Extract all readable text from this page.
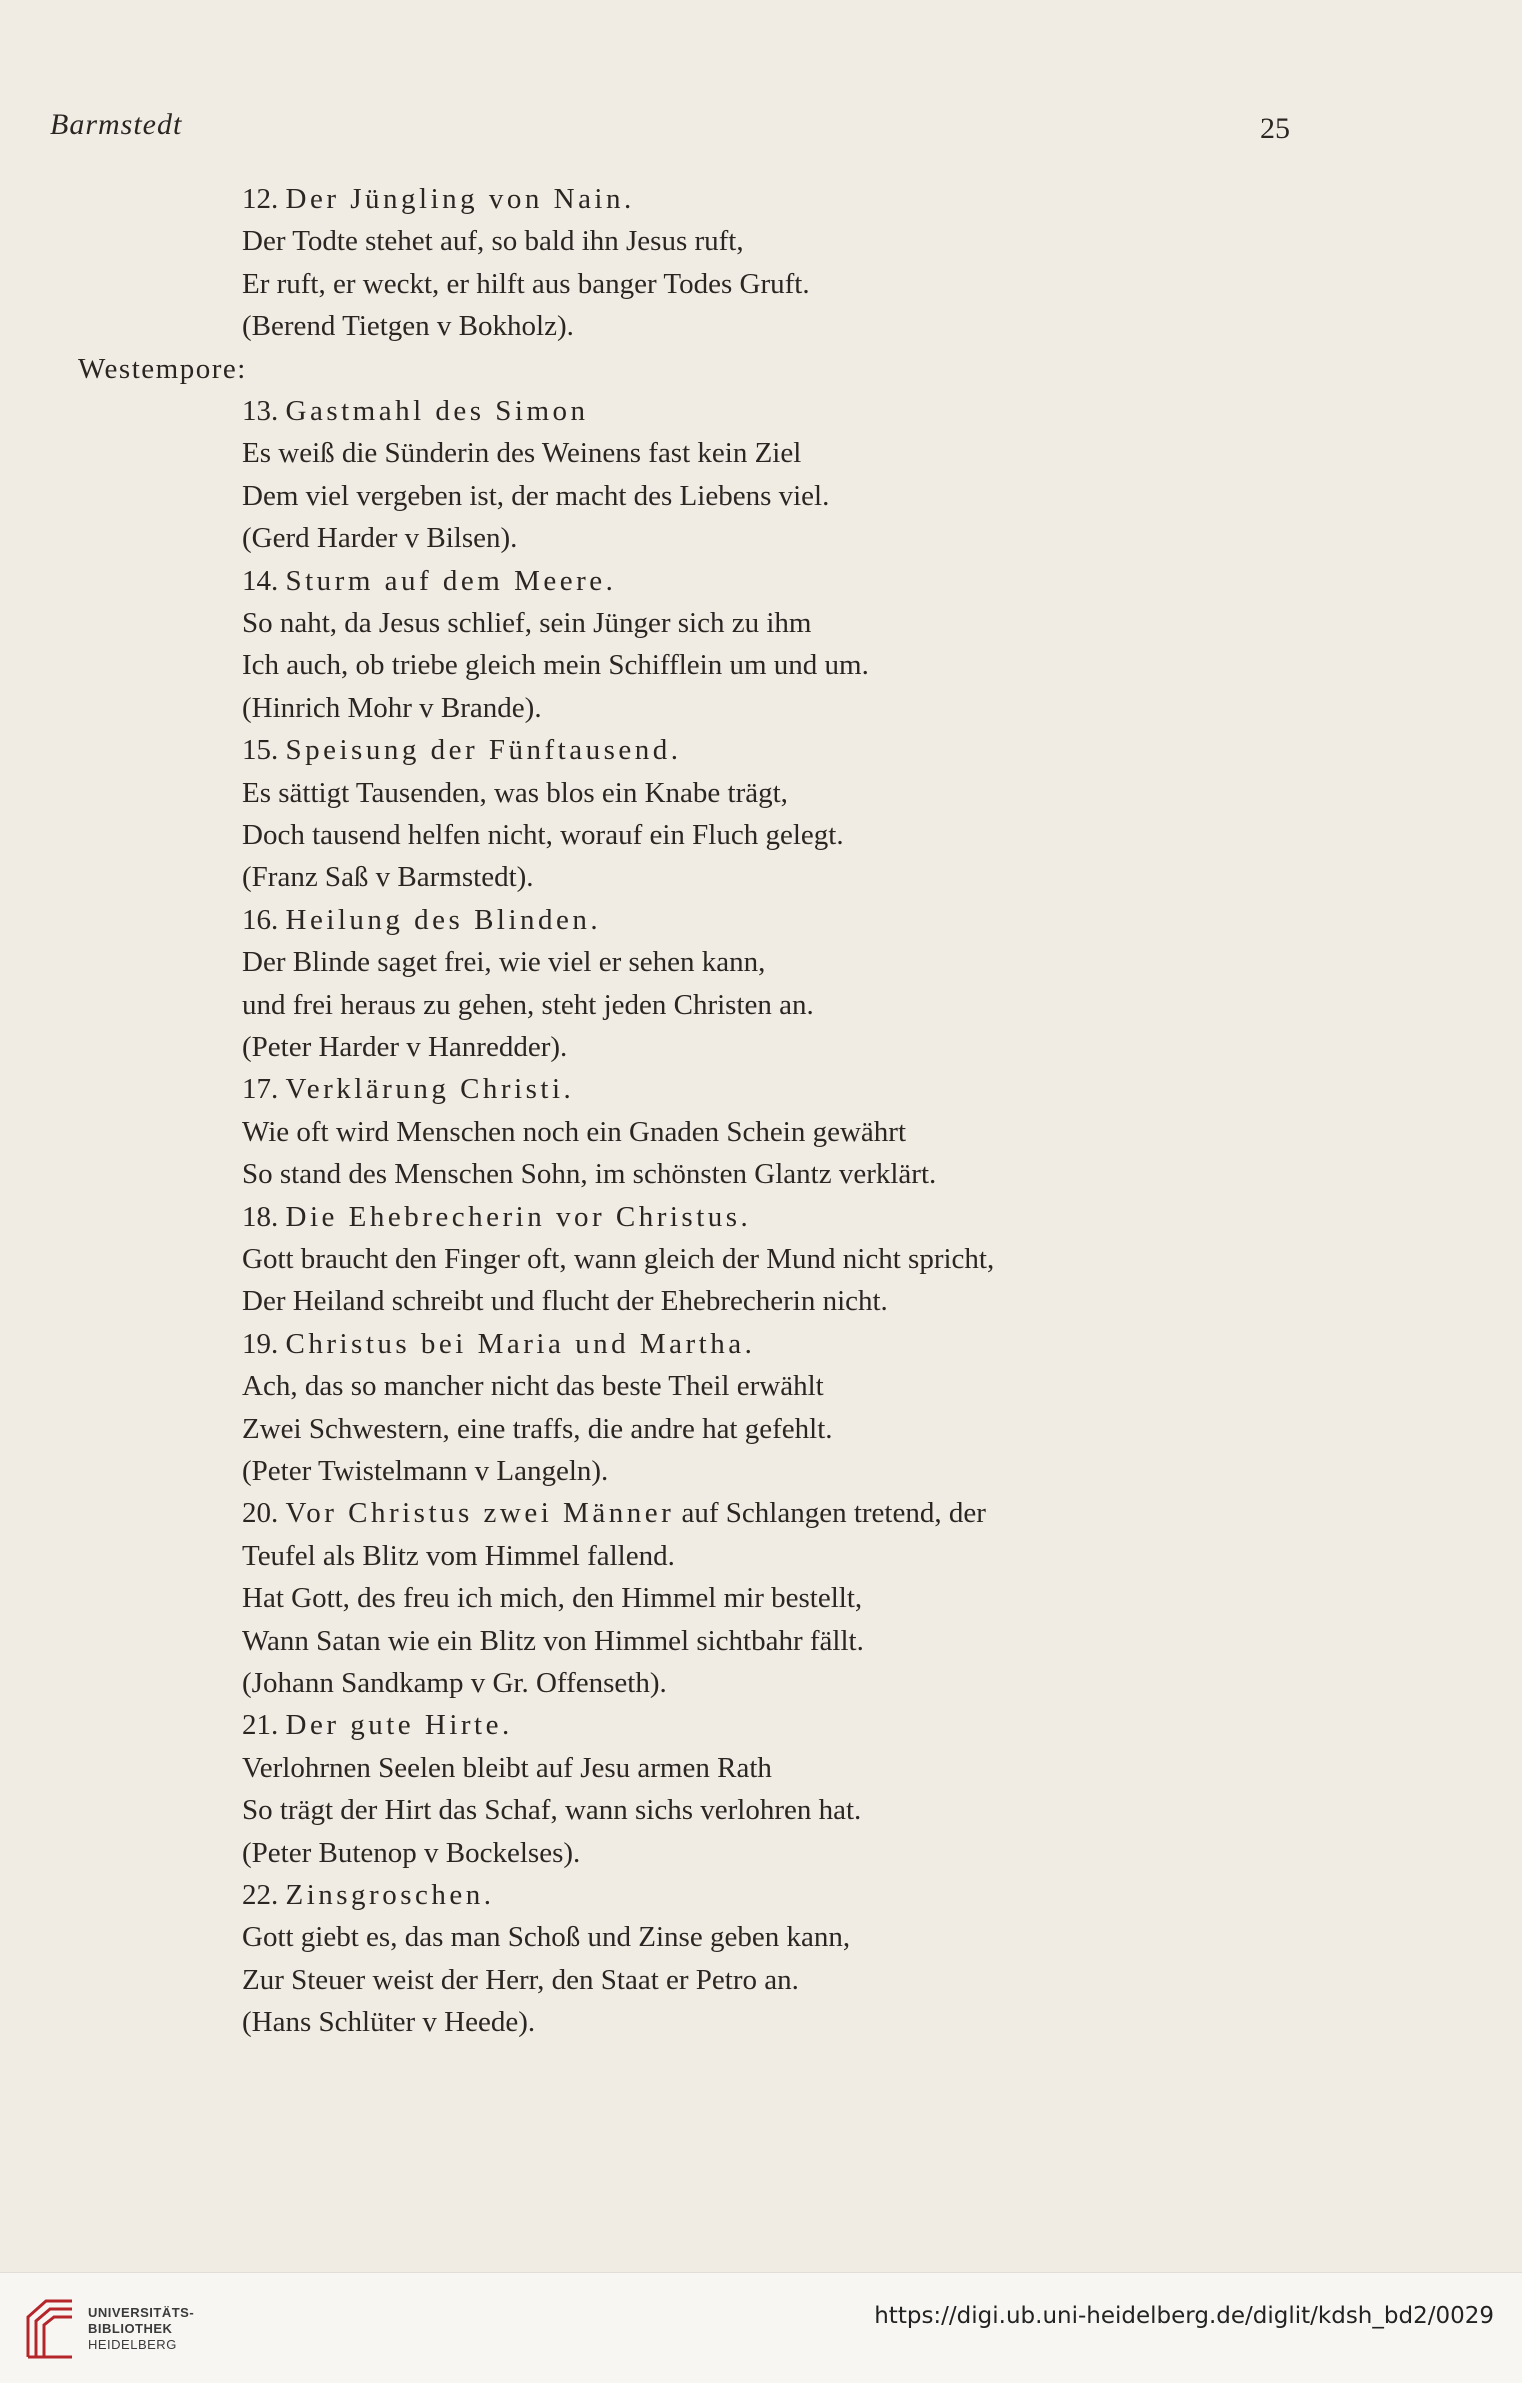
Barmstedt	25
12. Der Jüngling von Nain.
Der Todte stehet auf, so bald ihn Jesus ruft,
Er ruft, er weckt, er hilft aus banger Todes Gruft.
(Berend Tietgen v Bokholz).
Westempore:
13. Gastmahl des Simon
Es weiß die Sünderin des Weinens fast kein Ziel
Dem viel vergeben ist, der macht des Liebens viel.
(Gerd Harder v Bilsen).
14. Sturm auf dem Meere.
So naht, da Jesus schlief, sein Jünger sich zu ihm
Ich auch, ob triebe gleich mein Schifflein um und um.
(Hinrich Mohr v Brande).
15. Speisung der Fünftausend.
Es sättigt Tausenden, was blos ein Knabe trägt,
Doch tausend helfen nicht, worauf ein Fluch gelegt.
(Franz Saß v Barmstedt).
16. Heilung des Blinden.
Der Blinde saget frei, wie viel er sehen kann,
und frei heraus zu gehen, steht jeden Christen an.
(Peter Harder v Hanredder).
17. Verklärung Christi.
Wie oft wird Menschen noch ein Gnaden Schein gewährt
So stand des Menschen Sohn, im schönsten Glantz verklärt.
18. Die Ehebrecherin vor Christus.
Gott braucht den Finger oft, wann gleich der Mund nicht spricht,
Der Heiland schreibt und flucht der Ehebrecherin nicht.
19. Christus bei Maria und Martha.
Ach, das so mancher nicht das beste Theil erwählt
Zwei Schwestern, eine traffs, die andre hat gefehlt.
(Peter Twistelmann v Langeln).
20. Vor Christus zwei Männer auf Schlangen tretend, der
Teufel als Blitz vom Himmel fallend.
Hat Gott, des freu ich mich, den Himmel mir bestellt,
Wann Satan wie ein Blitz von Himmel sichtbahr fällt.
(Johann Sandkamp v Gr. Offenseth).
21. Der gute Hirte.
Verlohrnen Seelen bleibt auf Jesu armen Rath
So trägt der Hirt das Schaf, wann sichs verlohren hat.
(Peter Butenop v Bockelses).
22. Zinsgroschen.
Gott giebt es, das man Schoß und Zinse geben kann,
Zur Steuer weist der Herr, den Staat er Petro an.
(Hans Schlüter v Heede).
UNIVERSITÄTS-
BIBLIOTHEK
HEIDELBERG
https://digi.ub.uni-heidelberg.de/diglit/kdsh_bd2/0029
